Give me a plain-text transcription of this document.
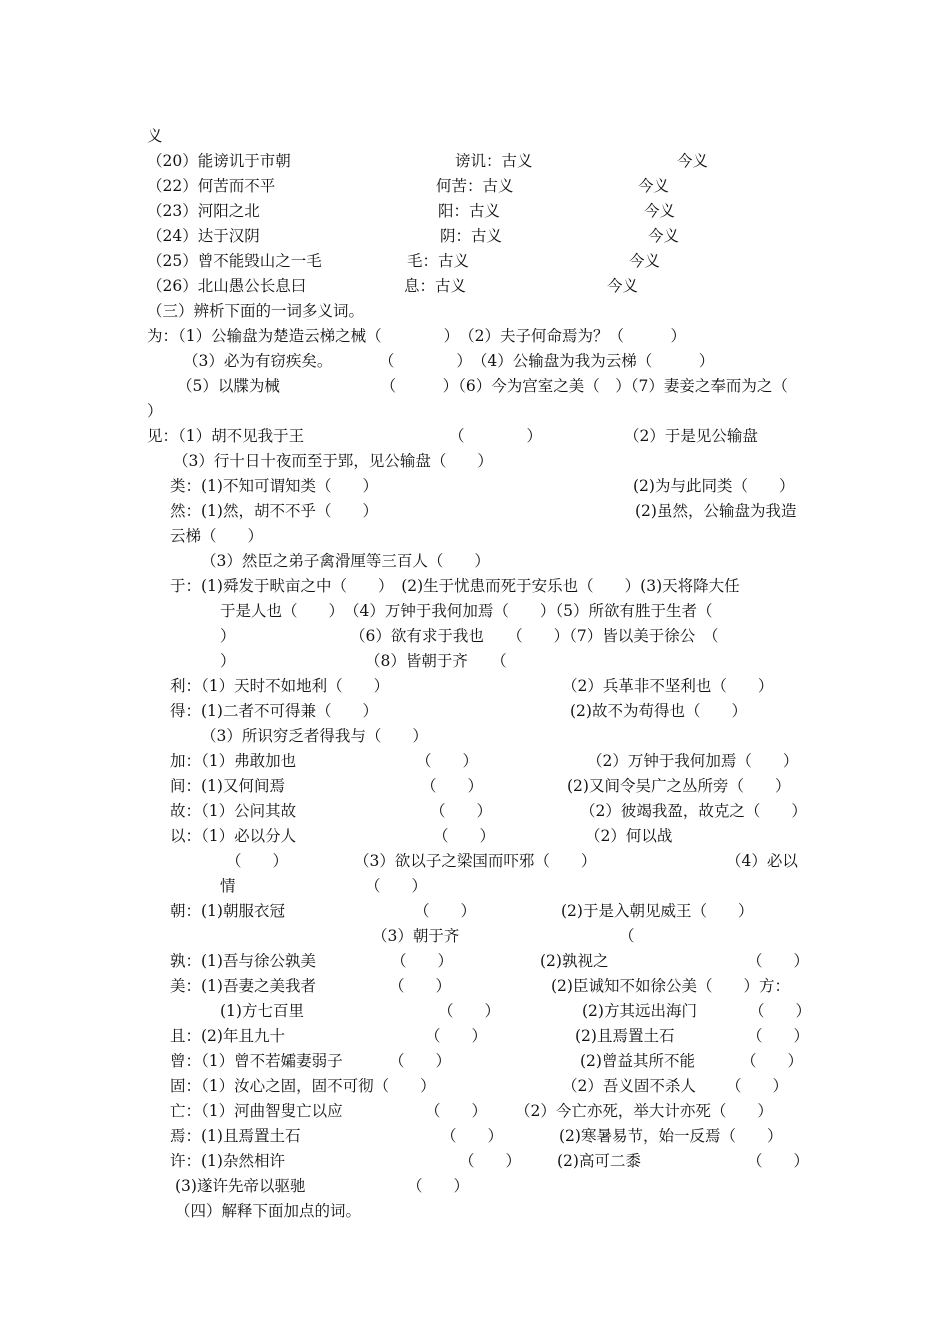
义
（20）能谤讥于市朝	谤讥：古义	今义
（22）何苦而不平	何苦：古义	今义
（23）河阳之北	阳：古义	今义
（24）达于汉阴	阴：古义	今义
（25）曾不能毁山之一毛	毛：古义	今义
（26）北山愚公长息曰	息：古义	今义
（三）辨析下面的一词多义词。
为：（1）公输盘为楚造云梯之械（　　　　）　（2）夫子何命焉为？（　　　）
（3）必为有窃疾矣。　　　　（　　　　）　（4）公输盘为我为云梯（　　　）
（5）以牒为械　　　　　　　（　　　）（6）今为宫室之美（　）（7）妻妾之奉而为之（
）
见：（1）胡不见我于王	（　　　　）	（2）于是见公输盘
（3）行十日十夜而至于郢，见公输盘（　　）
类：(1)不知可谓知类（　　）	(2)为与此同类（　　）
然：(1)然，胡不不乎（　　）	(2)虽然，公输盘为我造
云梯（　　）
（3）然臣之弟子禽滑厘等三百人（　　）
于：(1)舜发于畎亩之中（　　）　(2)生于忧患而死于安乐也（　　）(3)天将降大任
于是人也（　　）　（4）万钟于我何加焉（　　）（5）所欲有胜于生者（
）	（6）欲有求于我也　　（　　）（7）皆以美于徐公　（
）	（8）皆朝于齐　　（
利：（1）天时不如地利（　　）	（2）兵革非不坚利也（　　）
得：(1)二者不可得兼（　　）	(2)故不为苟得也（　　）
（3）所识穷乏者得我与（　　）
加：（1）弗敢加也	（　　）	（2）万钟于我何加焉（　　）
间：(1)又何间焉	（　　）	(2)又间令吴广之丛所旁（　　）
故：（1）公问其故	（　　）	（2）彼竭我盈，故克之（　　）
以：（1）必以分人	（　　）	（2）何以战
（　　）	（3）欲以子之梁国而吓邪（　　）	（4）必以
情	（　　）
朝：(1)朝服衣冠	（　　）	(2)于是入朝见威王（　　）
（3）朝于齐	（
孰：(1)吾与徐公孰美	（　　）	(2)孰视之	（　　）
美：(1)吾妻之美我者	（　　）	(2)臣诚知不如徐公美（　　）方：
(1)方七百里	（　　）	(2)方其远出海门	（　　）
且：(2)年且九十	（　　）	(2)且焉置土石	（　　）
曾：（1）曾不若孀妻弱子	（　　）	(2)曾益其所不能	（　　）
固：（1）汝心之固，固不可彻（　　）	（2）吾义固不杀人 （　　）
亡：（1）河曲智叟亡以应	（　　） （2）今亡亦死，举大计亦死（　　）
焉：(1)且焉置土石	（　　）	(2)寒暑易节，始一反焉（　　）
许：(1)杂然相许	（　　） (2)高可二黍	（　　）
(3)遂许先帝以驱驰	（　　）
（四）解释下面加点的词。
